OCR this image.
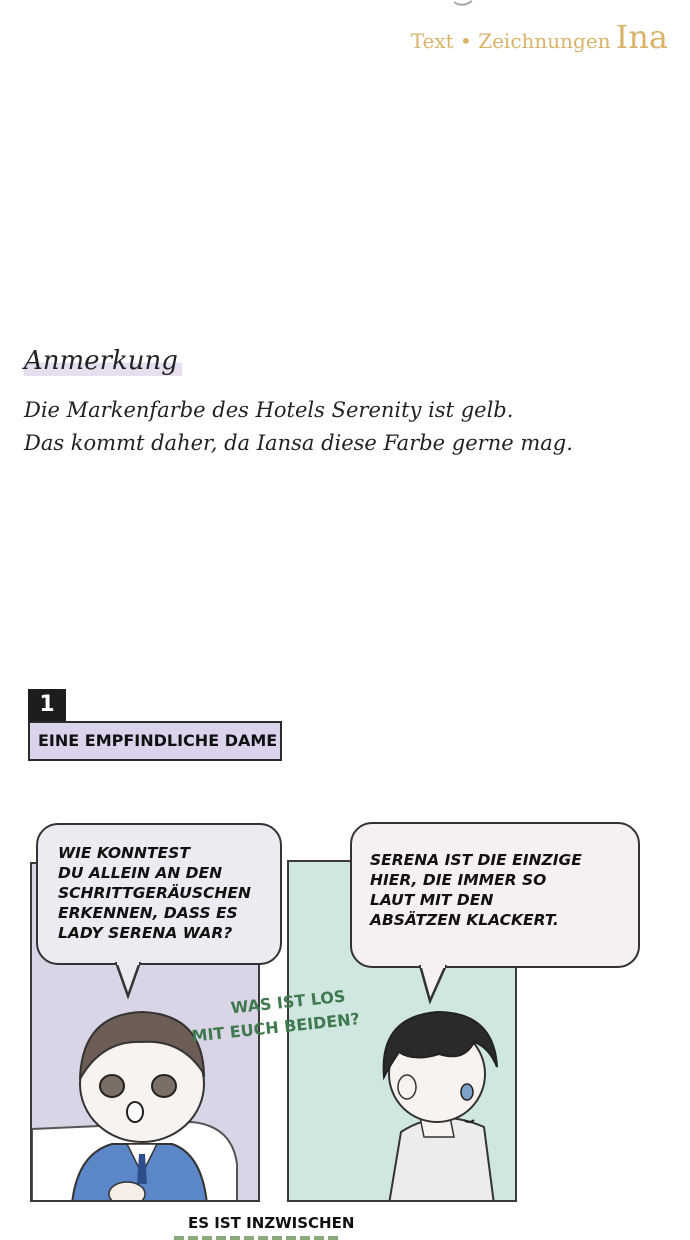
Text • Zeichnungen Ina
Anmerkung
Die Markenfarbe des Hotels Serenity ist gelb.
Das kommt daher, da Iansa diese Farbe gerne mag.
1
EINE EMPFINDLICHE DAME
WIE KONNTEST
DU ALLEIN AN DEN
SCHRITTGERÄUSCHEN
ERKENNEN, DASS ES
LADY SERENA WAR?
SERENA IST DIE EINZIGE
HIER, DIE IMMER SO
LAUT MIT DEN
ABSÄTZEN KLACKERT.
WAS IST LOS
MIT EUCH BEIDEN?
ES IST INZWISCHEN
